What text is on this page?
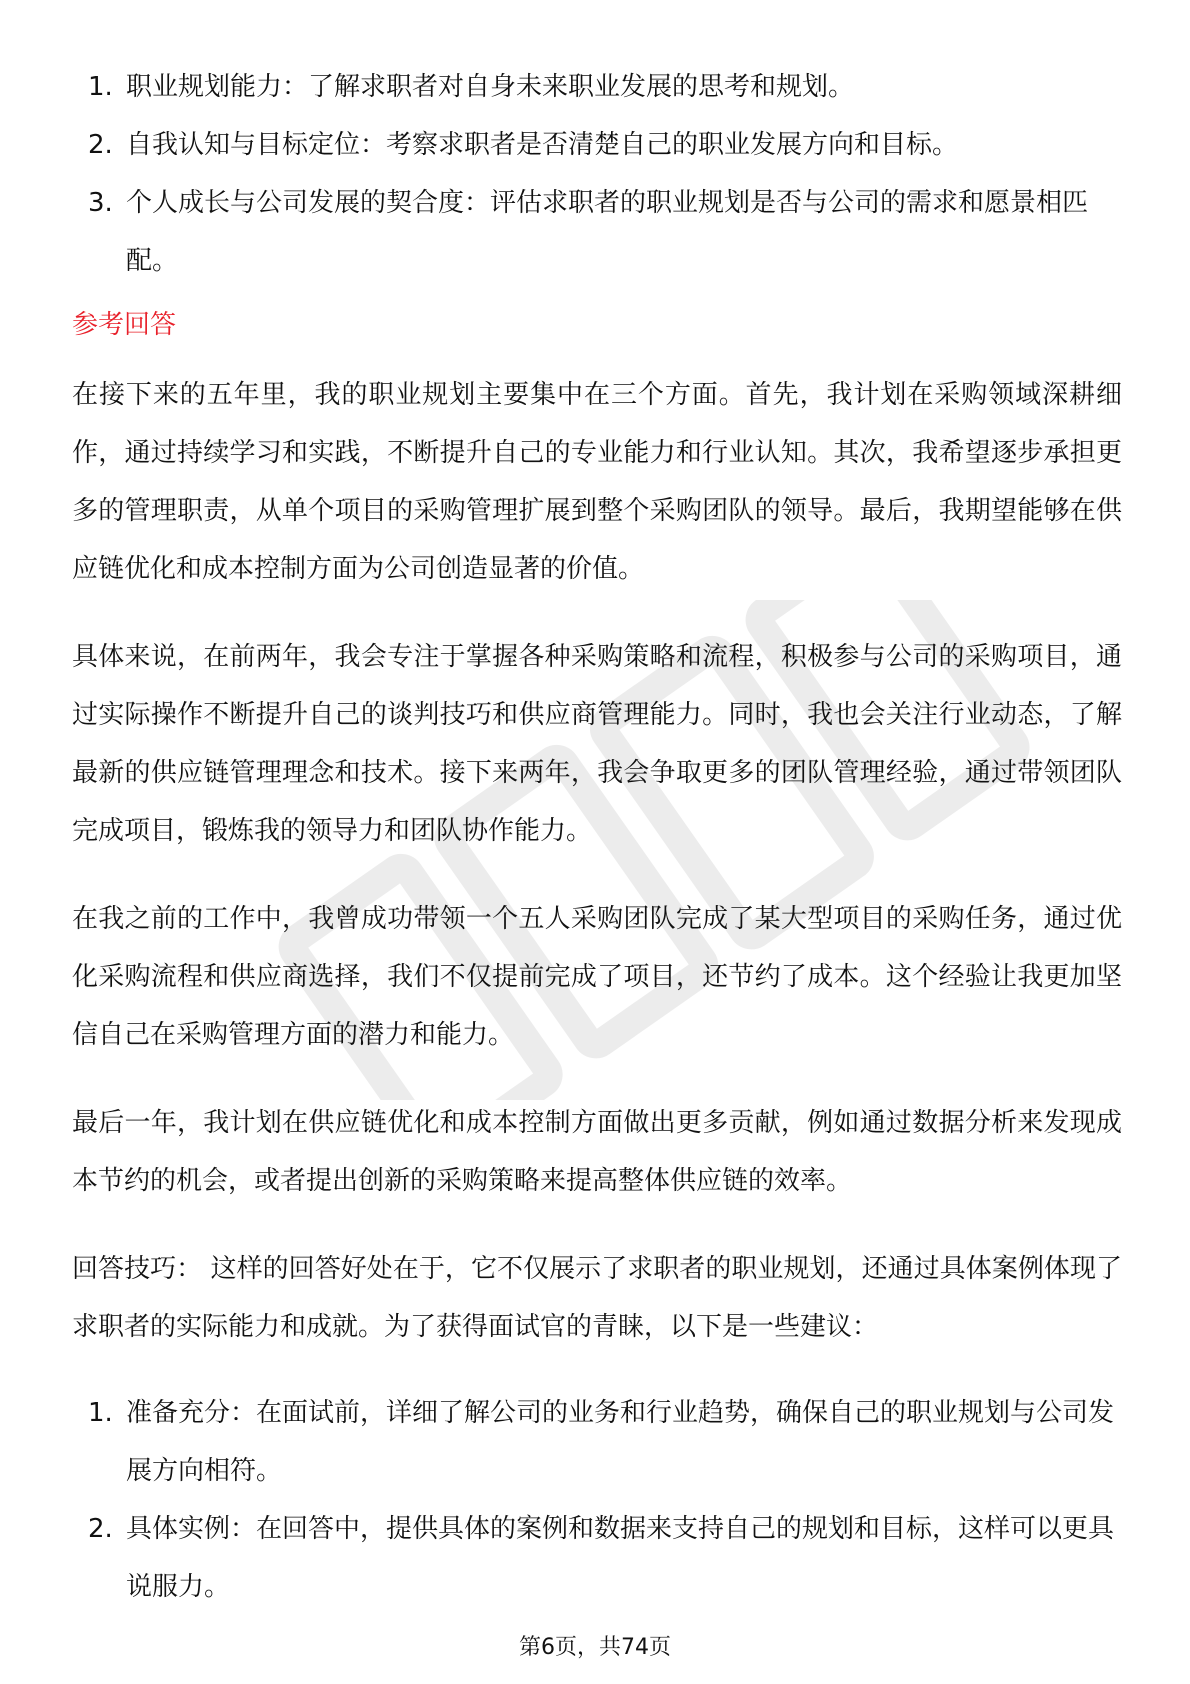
1. 职业规划能力：了解求职者对自身未来职业发展的思考和规划。
2. 自我认知与目标定位：考察求职者是否清楚自己的职业发展方向和目标。
3. 个人成长与公司发展的契合度：评估求职者的职业规划是否与公司的需求和愿景相匹配。
参考回答

在接下来的五年里，我的职业规划主要集中在三个方面。首先，我计划在采购领域深耕细作，通过持续学习和实践，不断提升自己的专业能力和行业认知。其次，我希望逐步承担更多的管理职责，从单个项目的采购管理扩展到整个采购团队的领导。最后，我期望能够在供应链优化和成本控制方面为公司创造显著的价值。

具体来说，在前两年，我会专注于掌握各种采购策略和流程，积极参与公司的采购项目，通过实际操作不断提升自己的谈判技巧和供应商管理能力。同时，我也会关注行业动态，了解最新的供应链管理理念和技术。接下来两年，我会争取更多的团队管理经验，通过带领团队完成项目，锻炼我的领导力和团队协作能力。

在我之前的工作中，我曾成功带领一个五人采购团队完成了某大型项目的采购任务，通过优化采购流程和供应商选择，我们不仅提前完成了项目，还节约了成本。这个经验让我更加坚信自己在采购管理方面的潜力和能力。

最后一年，我计划在供应链优化和成本控制方面做出更多贡献，例如通过数据分析来发现成本节约的机会，或者提出创新的采购策略来提高整体供应链的效率。

回答技巧： 这样的回答好处在于，它不仅展示了求职者的职业规划，还通过具体案例体现了求职者的实际能力和成就。为了获得面试官的青睐，以下是一些建议：

1. 准备充分：在面试前，详细了解公司的业务和行业趋势，确保自己的职业规划与公司发展方向相符。
2. 具体实例：在回答中，提供具体的案例和数据来支持自己的规划和目标，这样可以更具说服力。
第6页，共74页
